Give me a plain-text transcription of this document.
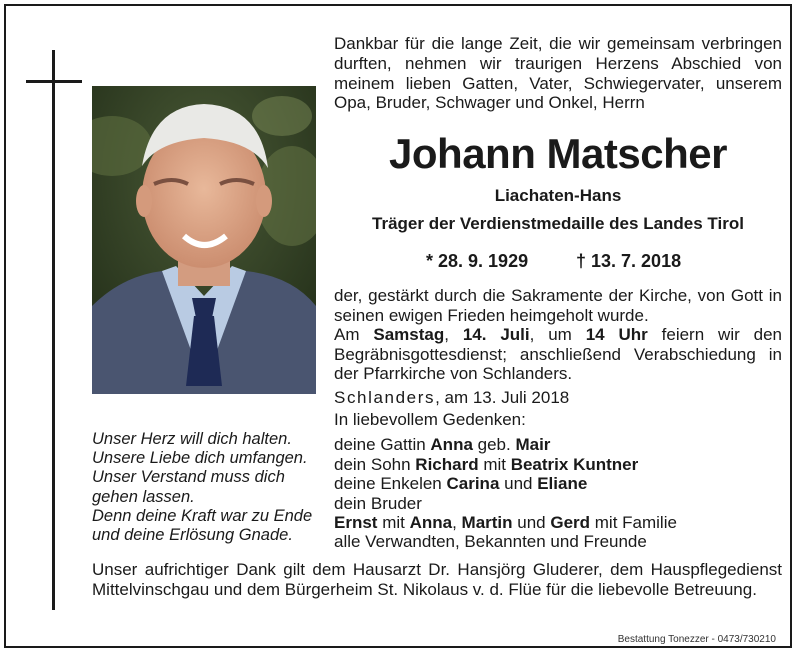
Unser Herz will dich halten.
Unsere Liebe dich umfangen.
Unser Verstand muss dich
gehen lassen.
Denn deine Kraft war zu Ende
und deine Erlösung Gnade.
Dankbar für die lange Zeit, die wir gemeinsam verbringen durften, nehmen wir traurigen Herzens Abschied von meinem lieben Gatten, Vater, Schwiegervater, unserem Opa, Bruder, Schwager und Onkel, Herrn
Johann Matscher
Liachaten-Hans
Träger der Verdienstmedaille des Landes Tirol
* 28. 9. 1929	† 13. 7. 2018
der, gestärkt durch die Sakramente der Kirche, von Gott in seinen ewigen Frieden heimgeholt wurde.
Am Samstag, 14. Juli, um 14 Uhr feiern wir den Begräbnisgottesdienst; anschließend Verabschiedung in der Pfarrkirche von Schlanders.
Schlanders, am 13. Juli 2018
In liebevollem Gedenken:
deine Gattin Anna geb. Mair
dein Sohn Richard mit Beatrix Kuntner
deine Enkelen Carina und Eliane
dein Bruder
Ernst mit Anna, Martin und Gerd mit Familie
alle Verwandten, Bekannten und Freunde
Unser aufrichtiger Dank gilt dem Hausarzt Dr. Hansjörg Gluderer, dem Hauspflegedienst Mittelvinschgau und dem Bürgerheim St. Nikolaus v. d. Flüe für die liebevolle Betreuung.
Bestattung Tonezzer - 0473/730210
